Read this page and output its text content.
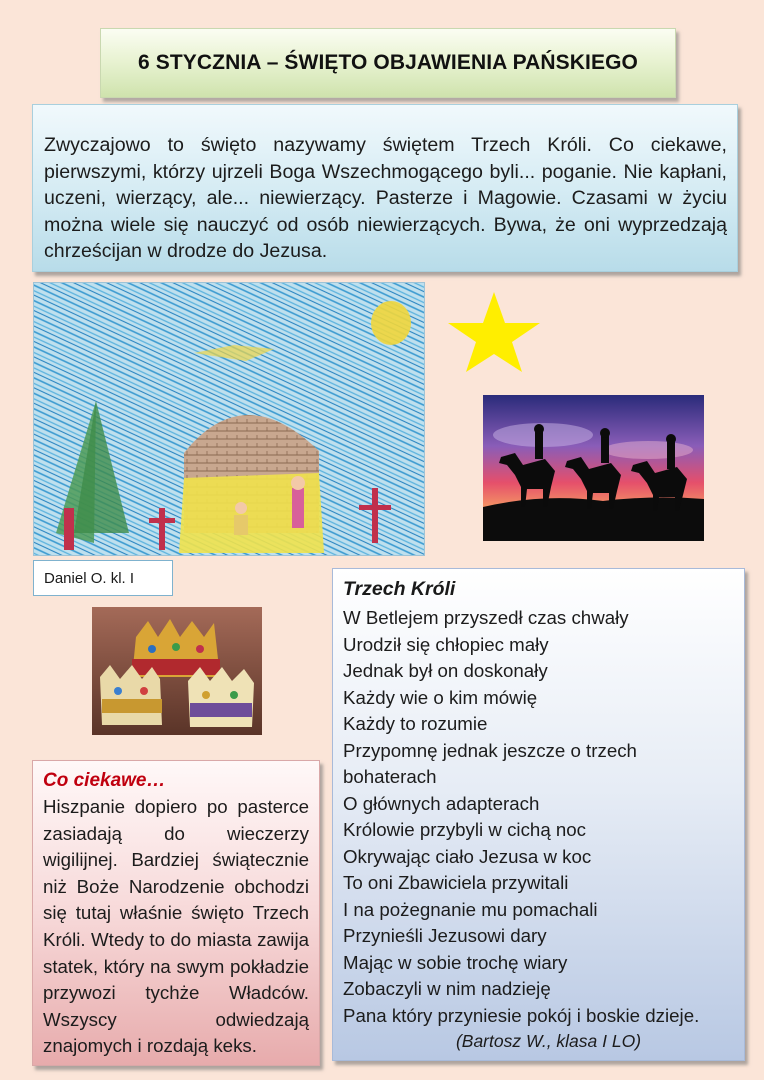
6 STYCZNIA – ŚWIĘTO OBJAWIENIA PAŃSKIEGO

Zwyczajowo to święto nazywamy świętem Trzech Króli. Co ciekawe, pierwszymi, którzy ujrzeli Boga Wszechmogącego byli... poganie. Nie kapłani, uczeni, wierzący, ale... niewierzący. Pasterze i Magowie. Czasami w życiu można wiele się nauczyć od osób niewierzących. Bywa, że oni wyprzedzają chrześcijan w drodze do Jezusa.

Daniel O. kl. I
Co ciekawe…

Hiszpanie dopiero po pasterce zasiadają do wieczerzy wigilijnej. Bardziej świątecznie niż Boże Narodzenie obchodzi się tutaj właśnie święto Trzech Króli. Wtedy to do miasta zawija statek, który na swym pokładzie przywozi tychże Władców. Wszyscy odwiedzają znajomych i rozdają keks.

Trzech Króli
W Betlejem przyszedł czas chwały
Urodził się chłopiec mały
Jednak był on doskonały
Każdy wie o kim mówię
Każdy to rozumie
Przypomnę jednak jeszcze o trzech
bohaterach
O głównych adapterach
Królowie przybyli w cichą noc
Okrywając ciało Jezusa w koc
To oni Zbawiciela przywitali
I na pożegnanie mu pomachali
Przynieśli Jezusowi dary
Mając w sobie trochę wiary
Zobaczyli w nim nadzieję
Pana który przyniesie pokój i boskie dzieje.
(Bartosz W., klasa I LO)
